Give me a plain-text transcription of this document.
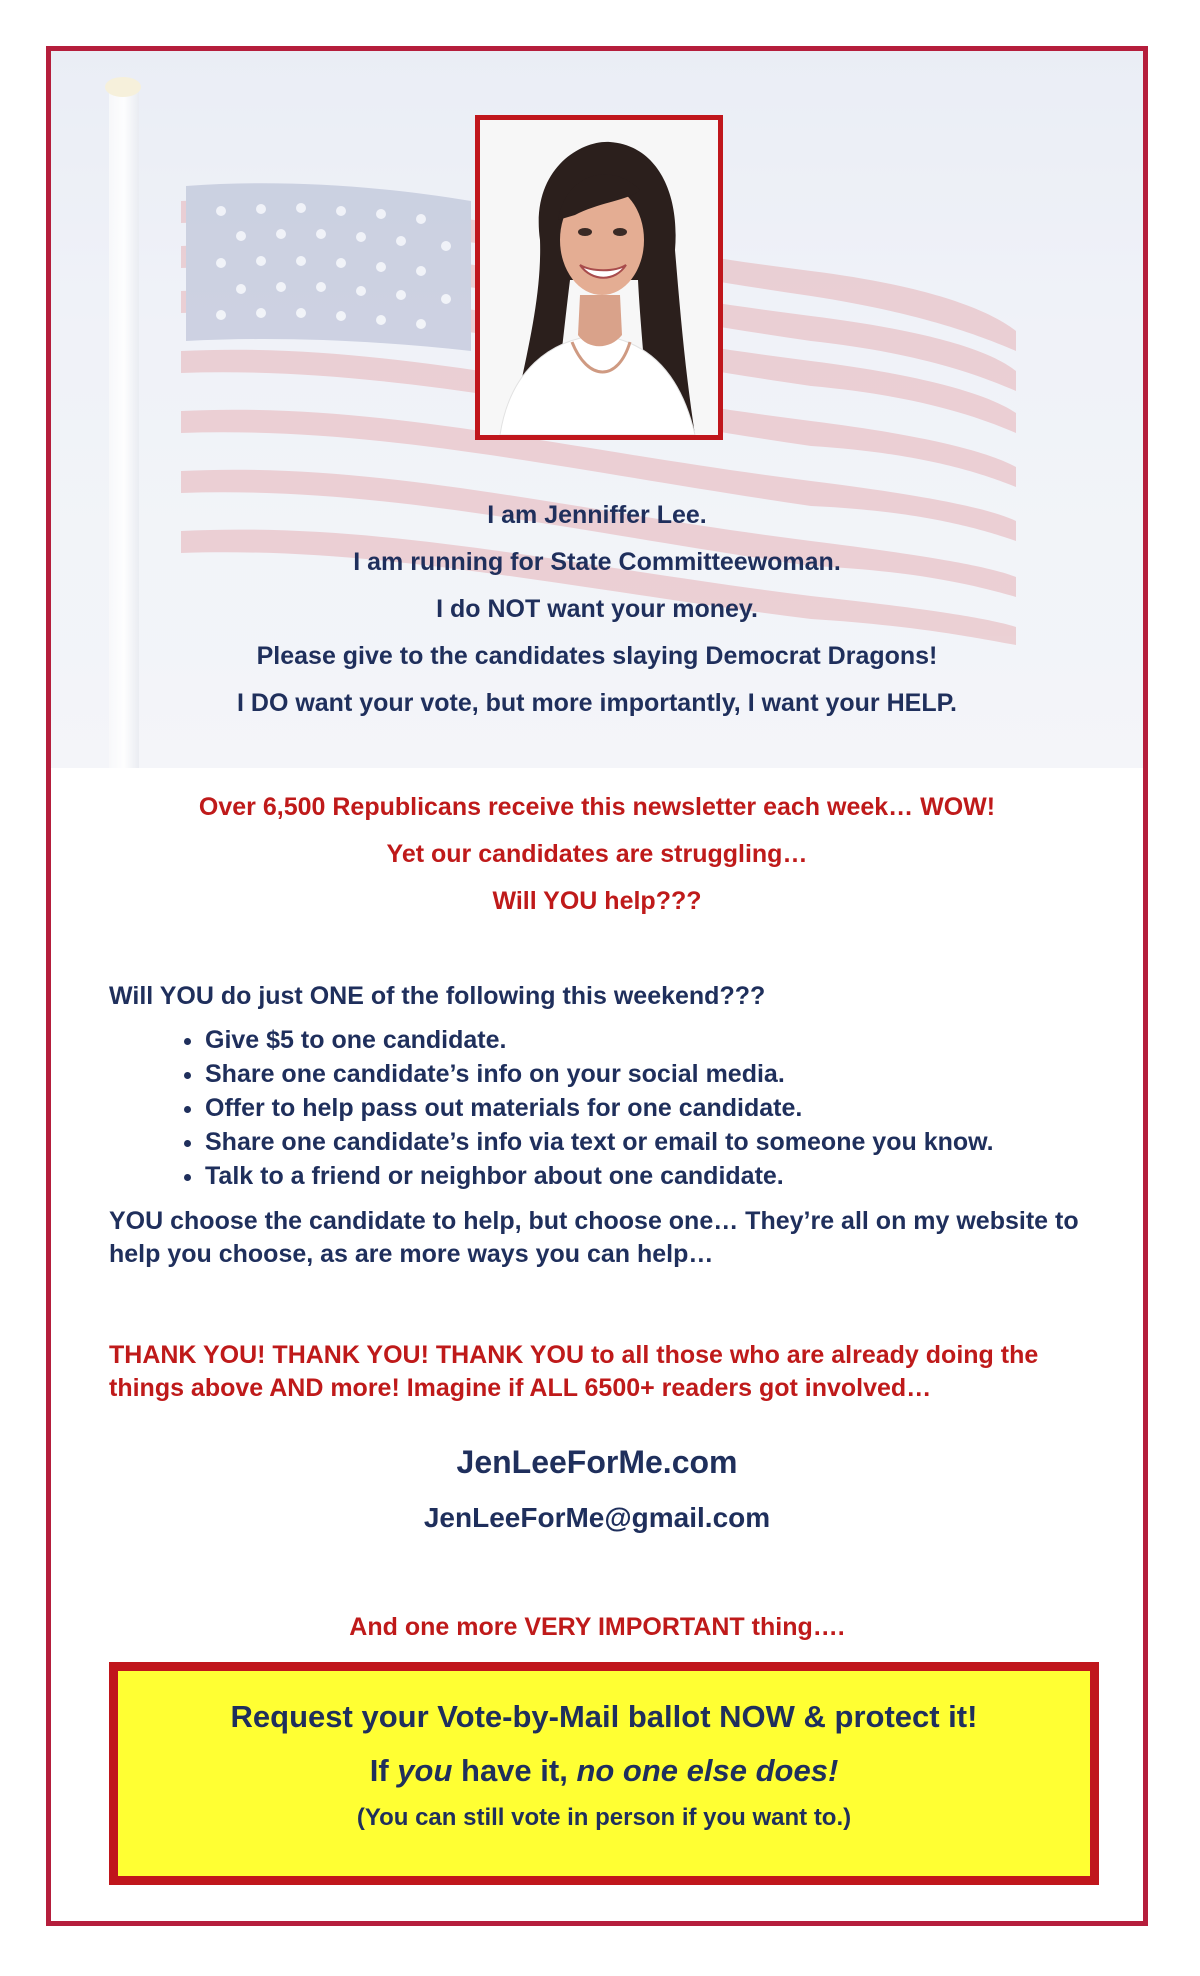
I am Jenniffer Lee.

I am running for State Committeewoman.

I do NOT want your money.

Please give to the candidates slaying Democrat Dragons!

I DO want your vote, but more importantly, I want your HELP.

Over 6,500 Republicans receive this newsletter each week… WOW!

Yet our candidates are struggling…

Will YOU help???

Will YOU do just ONE of the following this weekend???

• Give $5 to one candidate.
• Share one candidate’s info on your social media.
• Offer to help pass out materials for one candidate.
• Share one candidate’s info via text or email to someone you know.
• Talk to a friend or neighbor about one candidate.

YOU choose the candidate to help, but choose one… They’re all on my website to help you choose, as are more ways you can help…

THANK YOU! THANK YOU! THANK YOU to all those who are already doing the things above AND more! Imagine if ALL 6500+ readers got involved…

JenLeeForMe.com
JenLeeForMe@gmail.com
And one more VERY IMPORTANT thing….

Request your Vote-by-Mail ballot NOW & protect it!

If you have it, no one else does!

(You can still vote in person if you want to.)
